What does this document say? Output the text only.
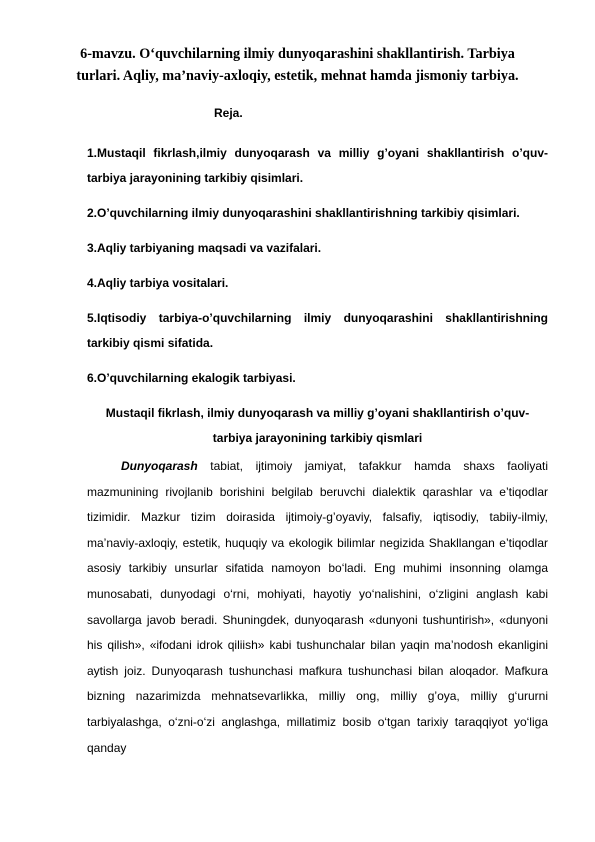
6-mavzu. O‘quvchilarning ilmiy dunyoqarashini shakllantirish. Tarbiya turlari. Aqliy, ma’naviy-axloqiy, estetik, mehnat hamda jismoniy tarbiya.

Reja.

1.Mustaqil fikrlash,ilmiy dunyoqarash va milliy g’oyani shakllantirish o’quv-
tarbiya jarayonining tarkibiy qisimlari.
2.O’quvchilarning ilmiy dunyoqarashini shakllantirishning tarkibiy qisimlari.
3.Aqliy tarbiyaning maqsadi va vazifalari.
4.Aqliy tarbiya vositalari.
5.Iqtisodiy tarbiya-o’quvchilarning ilmiy dunyoqarashini shakllantirishning
tarkibiy qismi sifatida.
6.O’quvchilarning ekalogik tarbiyasi.
Mustaqil fikrlash, ilmiy dunyoqarash va milliy g’oyani shakllantirish o’quv-
tarbiya jarayonining tarkibiy qismlari

Dunyoqarash tabiat, ijtimoiy jamiyat, tafakkur hamda shaxs faoliyati mazmunining rivojlanib borishini belgilab beruvchi dialektik qarashlar va e’tiqodlar tizimidir. Mazkur tizim doirasida ijtimoiy-g’oyaviy, falsafiy, iqtisodiy, tabiiy-ilmiy, ma’naviy-axloqiy, estetik, huquqiy va ekologik bilimlar negizida Shakllangan e’tiqodlar asosiy tarkibiy unsurlar sifatida namoyon bo‘ladi. Eng muhimi insonning olamga munosabati, dunyodagi o‘rni, mohiyati, hayotiy yo‘nalishini, o‘zligini anglash kabi savollarga javob beradi. Shuningdek, dunyoqarash «dunyoni tushuntirish», «dunyoni his qilish», «ifodani idrok qiliish» kabi tushunchalar bilan yaqin ma’nodosh ekanligini aytish joiz. Dunyoqarash tushunchasi mafkura tushunchasi bilan aloqador. Mafkura bizning nazarimizda mehnatsevarlikka, milliy ong, milliy g’oya, milliy g‘ururni tarbiyalashga, o‘zni-o‘zi anglashga, millatimiz bosib o‘tgan tarixiy taraqqiyot yo‘liga qanday
